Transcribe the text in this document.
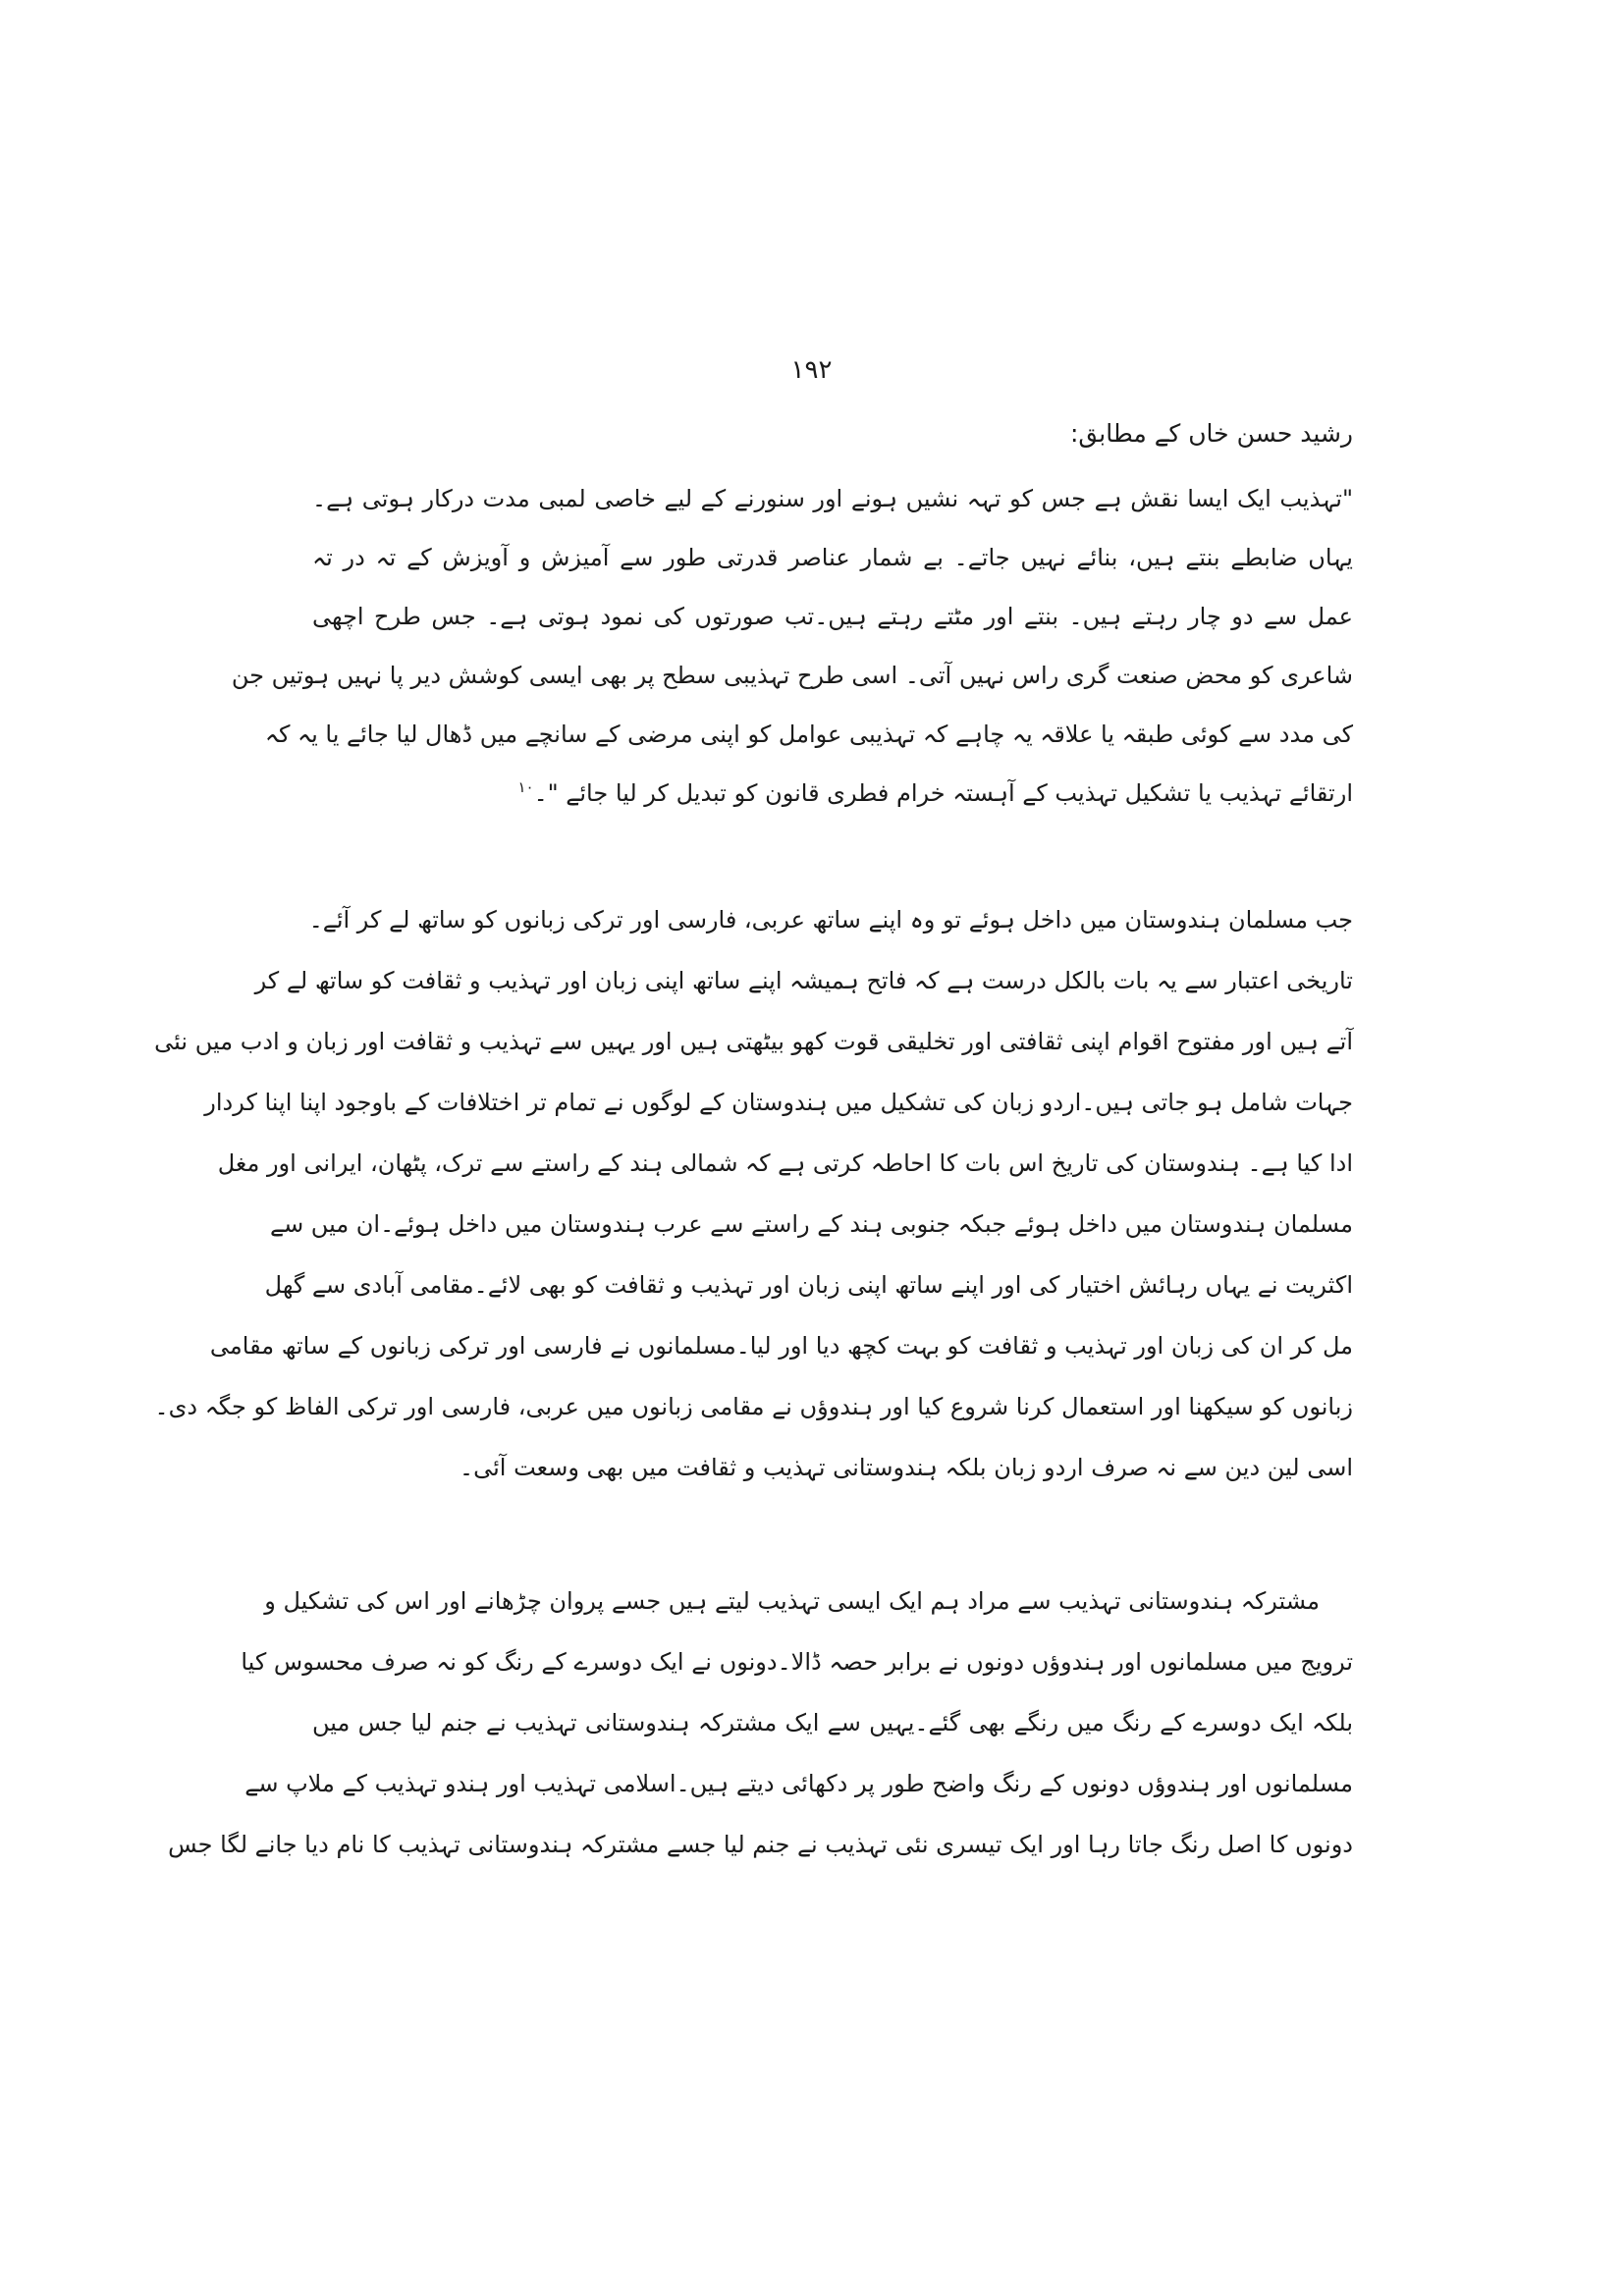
۱۹۲
رشید حسن خاں کے مطابق:
"تہذیب ایک ایسا نقش ہے جس کو تہہ نشیں ہونے اور سنورنے کے لیے خاصی لمبی مدت درکار ہوتی ہے۔
یہاں ضابطے بنتے ہیں، بنائے نہیں جاتے۔ بے شمار عناصر قدرتی طور سے آمیزش و آویزش کے تہ در تہ
عمل سے دو چار رہتے ہیں۔ بنتے اور مٹتے رہتے ہیں۔تب صورتوں کی نمود ہوتی ہے۔ جس طرح اچھی
شاعری کو محض صنعت گری راس نہیں آتی۔ اسی طرح تہذیبی سطح پر بھی ایسی کوشش دیر پا نہیں ہوتیں جن
کی مدد سے کوئی طبقہ یا علاقہ یہ چاہے کہ تہذیبی عوامل کو اپنی مرضی کے سانچے میں ڈھال لیا جائے یا یہ کہ
ارتقائے تہذیب یا تشکیل تہذیب کے آہستہ خرام فطری قانون کو تبدیل کر لیا جائے "۔$^{۱۰}$
جب مسلمان ہندوستان میں داخل ہوئے تو وہ اپنے ساتھ عربی، فارسی اور ترکی زبانوں کو ساتھ لے کر آئے۔
تاریخی اعتبار سے یہ بات بالکل درست ہے کہ فاتح ہمیشہ اپنے ساتھ اپنی زبان اور تہذیب و ثقافت کو ساتھ لے کر
آتے ہیں اور مفتوح اقوام اپنی ثقافتی اور تخلیقی قوت کھو بیٹھتی ہیں اور یہیں سے تہذیب و ثقافت اور زبان و ادب میں نئی
جہات شامل ہو جاتی ہیں۔اردو زبان کی تشکیل میں ہندوستان کے لوگوں نے تمام تر اختلافات کے باوجود اپنا اپنا کردار
ادا کیا ہے۔ ہندوستان کی تاریخ اس بات کا احاطہ کرتی ہے کہ شمالی ہند کے راستے سے ترک، پٹھان، ایرانی اور مغل
مسلمان ہندوستان میں داخل ہوئے جبکہ جنوبی ہند کے راستے سے عرب ہندوستان میں داخل ہوئے۔ان میں سے
اکثریت نے یہاں رہائش اختیار کی اور اپنے ساتھ اپنی زبان اور تہذیب و ثقافت کو بھی لائے۔مقامی آبادی سے گھل
مل کر ان کی زبان اور تہذیب و ثقافت کو بہت کچھ دیا اور لیا۔مسلمانوں نے فارسی اور ترکی زبانوں کے ساتھ مقامی
زبانوں کو سیکھنا اور استعمال کرنا شروع کیا اور ہندوؤں نے مقامی زبانوں میں عربی، فارسی اور ترکی الفاظ کو جگہ دی۔
اسی لین دین سے نہ صرف اردو زبان بلکہ ہندوستانی تہذیب و ثقافت میں بھی وسعت آئی۔
مشترکہ ہندوستانی تہذیب سے مراد ہم ایک ایسی تہذیب لیتے ہیں جسے پروان چڑھانے اور اس کی تشکیل و
ترویج میں مسلمانوں اور ہندوؤں دونوں نے برابر حصہ ڈالا۔دونوں نے ایک دوسرے کے رنگ کو نہ صرف محسوس کیا
بلکہ ایک دوسرے کے رنگ میں رنگے بھی گئے۔یہیں سے ایک مشترکہ ہندوستانی تہذیب نے جنم لیا جس میں
مسلمانوں اور ہندوؤں دونوں کے رنگ واضح طور پر دکھائی دیتے ہیں۔اسلامی تہذیب اور ہندو تہذیب کے ملاپ سے
دونوں کا اصل رنگ جاتا رہا اور ایک تیسری نئی تہذیب نے جنم لیا جسے مشترکہ ہندوستانی تہذیب کا نام دیا جانے لگا جس
